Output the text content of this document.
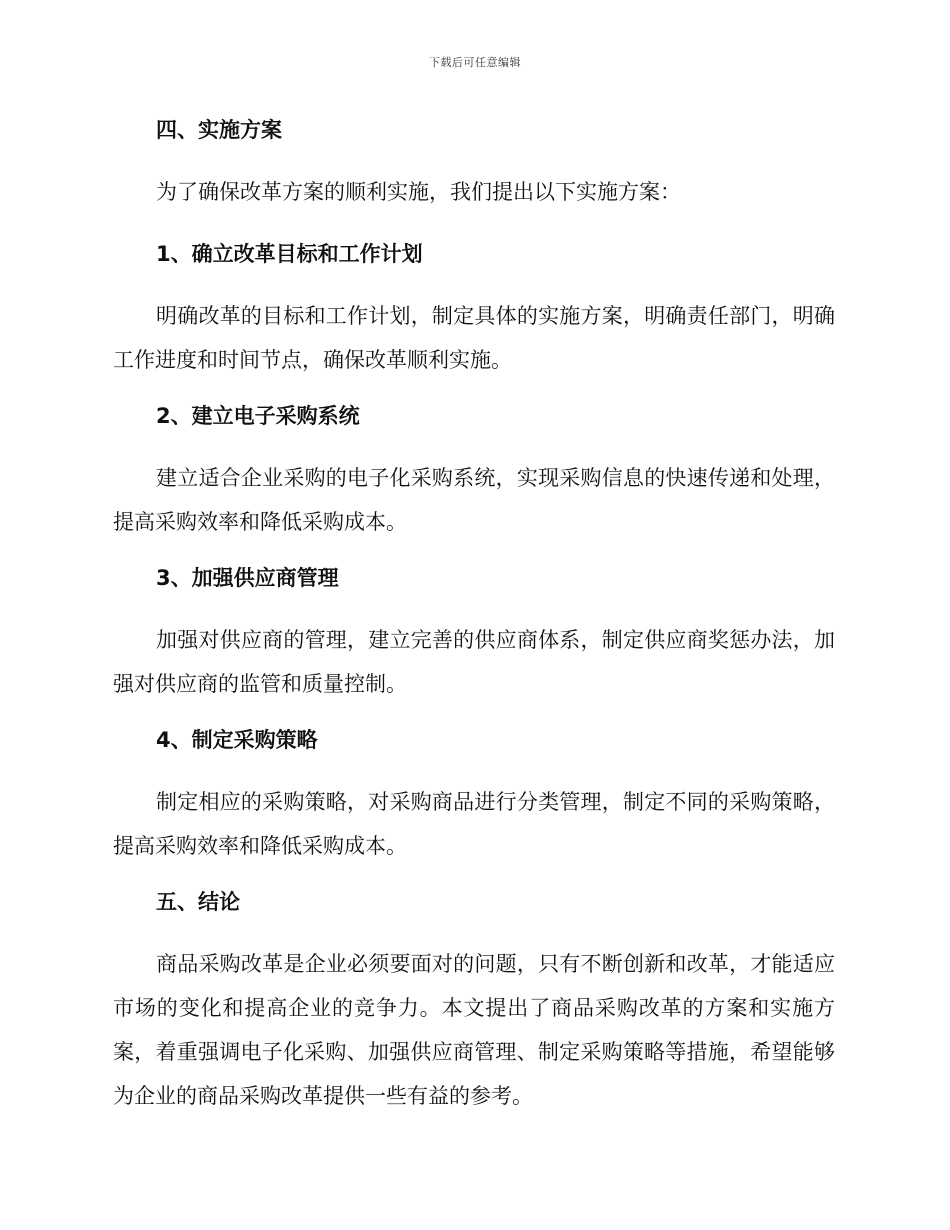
下载后可任意编辑
四、实施方案
为了确保改革方案的顺利实施，我们提出以下实施方案：
1、确立改革目标和工作计划
明确改革的目标和工作计划，制定具体的实施方案，明确责任部门，明确工作进度和时间节点，确保改革顺利实施。
2、建立电子采购系统
建立适合企业采购的电子化采购系统，实现采购信息的快速传递和处理，提高采购效率和降低采购成本。
3、加强供应商管理
加强对供应商的管理，建立完善的供应商体系，制定供应商奖惩办法，加强对供应商的监管和质量控制。
4、制定采购策略
制定相应的采购策略，对采购商品进行分类管理，制定不同的采购策略，提高采购效率和降低采购成本。
五、结论
商品采购改革是企业必须要面对的问题，只有不断创新和改革，才能适应市场的变化和提高企业的竞争力。本文提出了商品采购改革的方案和实施方案，着重强调电子化采购、加强供应商管理、制定采购策略等措施，希望能够为企业的商品采购改革提供一些有益的参考。
